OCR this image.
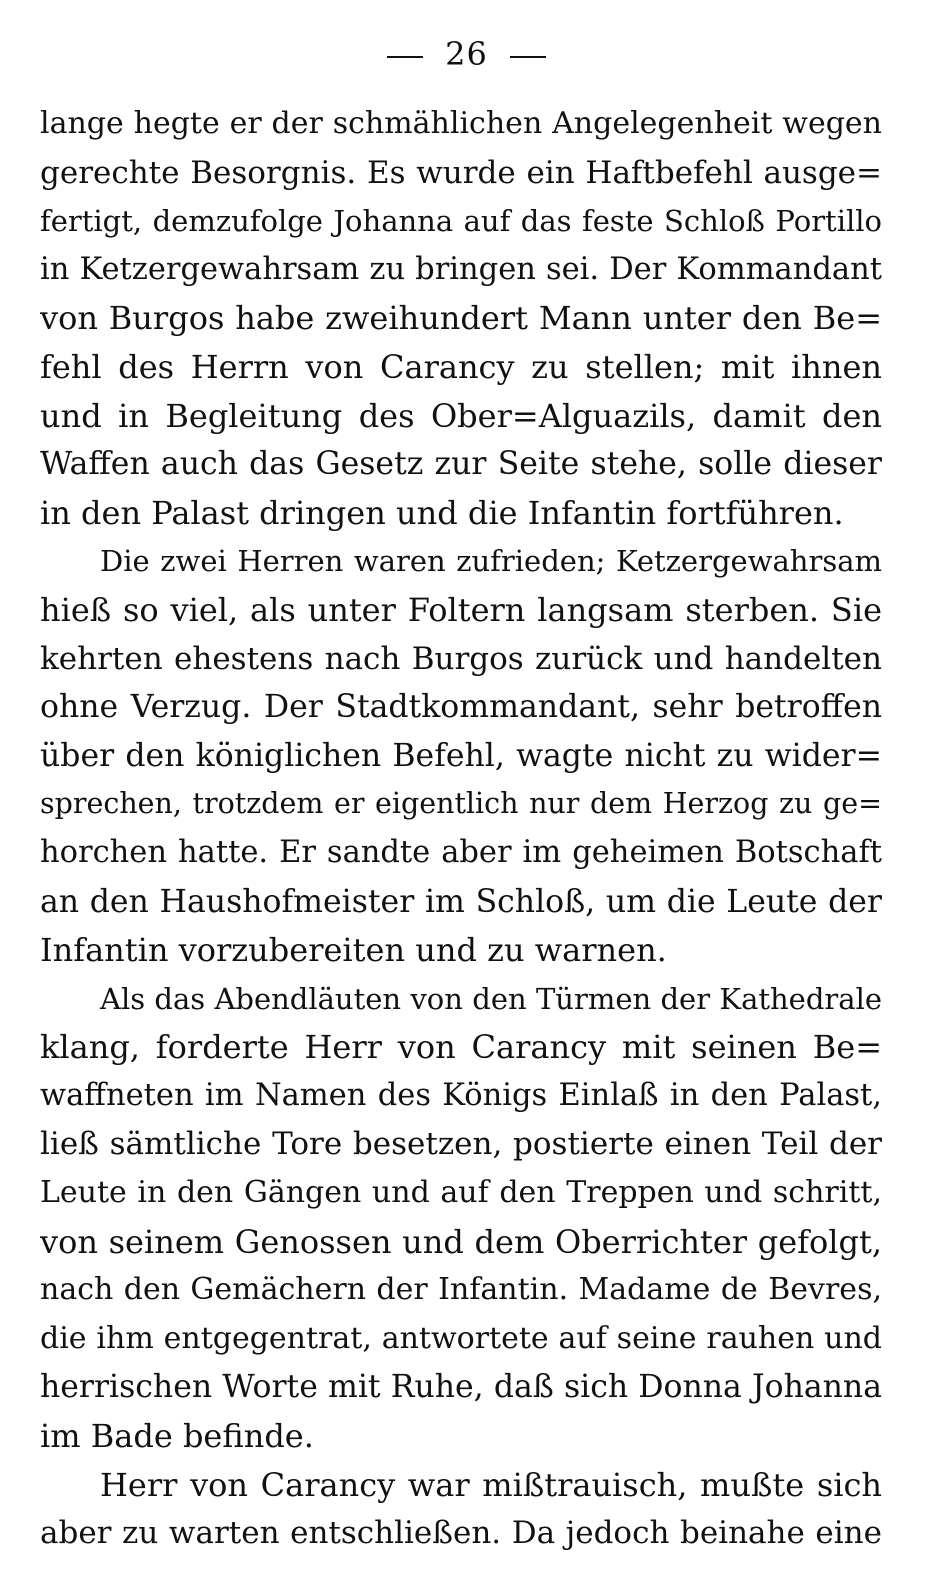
26
lange hegte er der schmählichen Angelegenheit wegen
gerechte Besorgnis. Es wurde ein Haftbefehl ausge=
fertigt, demzufolge Johanna auf das feste Schloß Portillo
in Ketzergewahrsam zu bringen sei. Der Kommandant
von Burgos habe zweihundert Mann unter den Be=
fehl des Herrn von Carancy zu stellen; mit ihnen
und in Begleitung des Ober=Alguazils, damit den
Waffen auch das Gesetz zur Seite stehe, solle dieser
in den Palast dringen und die Infantin fortführen.
Die zwei Herren waren zufrieden; Ketzergewahrsam
hieß so viel, als unter Foltern langsam sterben. Sie
kehrten ehestens nach Burgos zurück und handelten
ohne Verzug. Der Stadtkommandant, sehr betroffen
über den königlichen Befehl, wagte nicht zu wider=
sprechen, trotzdem er eigentlich nur dem Herzog zu ge=
horchen hatte. Er sandte aber im geheimen Botschaft
an den Haushofmeister im Schloß, um die Leute der
Infantin vorzubereiten und zu warnen.
Als das Abendläuten von den Türmen der Kathedrale
klang, forderte Herr von Carancy mit seinen Be=
waffneten im Namen des Königs Einlaß in den Palast,
ließ sämtliche Tore besetzen, postierte einen Teil der
Leute in den Gängen und auf den Treppen und schritt,
von seinem Genossen und dem Oberrichter gefolgt,
nach den Gemächern der Infantin. Madame de Bevres,
die ihm entgegentrat, antwortete auf seine rauhen und
herrischen Worte mit Ruhe, daß sich Donna Johanna
im Bade befinde.
Herr von Carancy war mißtrauisch, mußte sich
aber zu warten entschließen. Da jedoch beinahe eine
